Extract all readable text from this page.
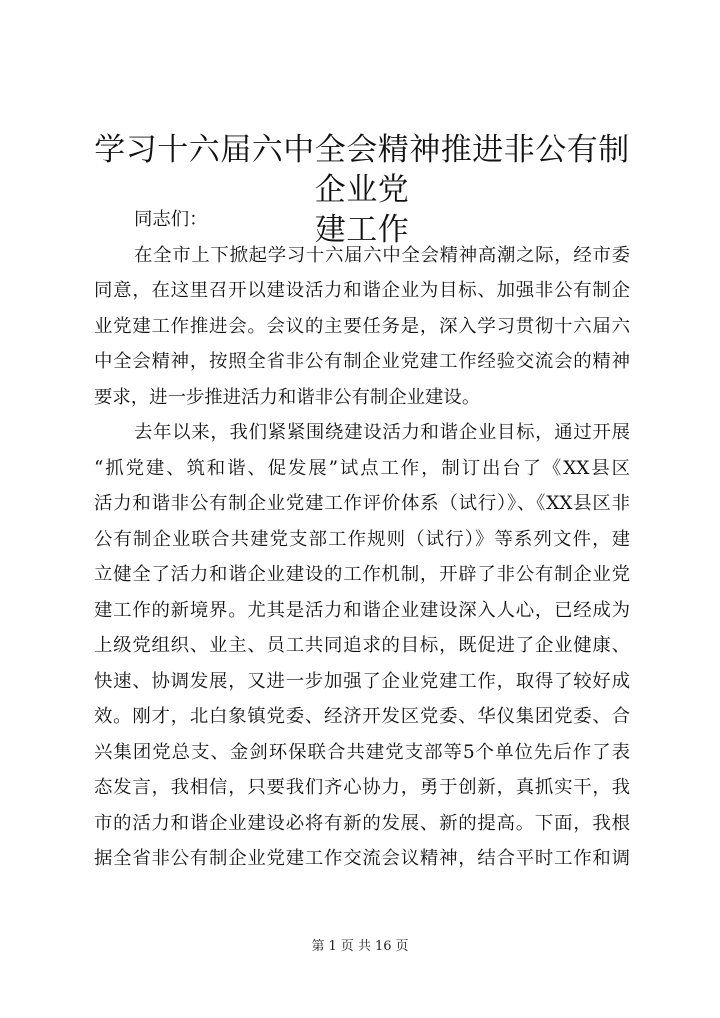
学习十六届六中全会精神推进非公有制企业党
建工作

同志们：

在全市上下掀起学习十六届六中全会精神高潮之际，经市委
同意，在这里召开以建设活力和谐企业为目标、加强非公有制企
业党建工作推进会。会议的主要任务是，深入学习贯彻十六届六
中全会精神，按照全省非公有制企业党建工作经验交流会的精神
要求，进一步推进活力和谐非公有制企业建设。
去年以来，我们紧紧围绕建设活力和谐企业目标，通过开展
“抓党建、筑和谐、促发展”试点工作，制订出台了《XX县区
活力和谐非公有制企业党建工作评价体系（试行）》、《XX县区非
公有制企业联合共建党支部工作规则（试行）》等系列文件，建
立健全了活力和谐企业建设的工作机制，开辟了非公有制企业党
建工作的新境界。尤其是活力和谐企业建设深入人心，已经成为
上级党组织、业主、员工共同追求的目标，既促进了企业健康、
快速、协调发展，又进一步加强了企业党建工作，取得了较好成
效。刚才，北白象镇党委、经济开发区党委、华仪集团党委、合
兴集团党总支、金剑环保联合共建党支部等5个单位先后作了表
态发言，我相信，只要我们齐心协力，勇于创新，真抓实干，我
市的活力和谐企业建设必将有新的发展、新的提高。下面，我根
据全省非公有制企业党建工作交流会议精神，结合平时工作和调
第 1 页 共 16 页
